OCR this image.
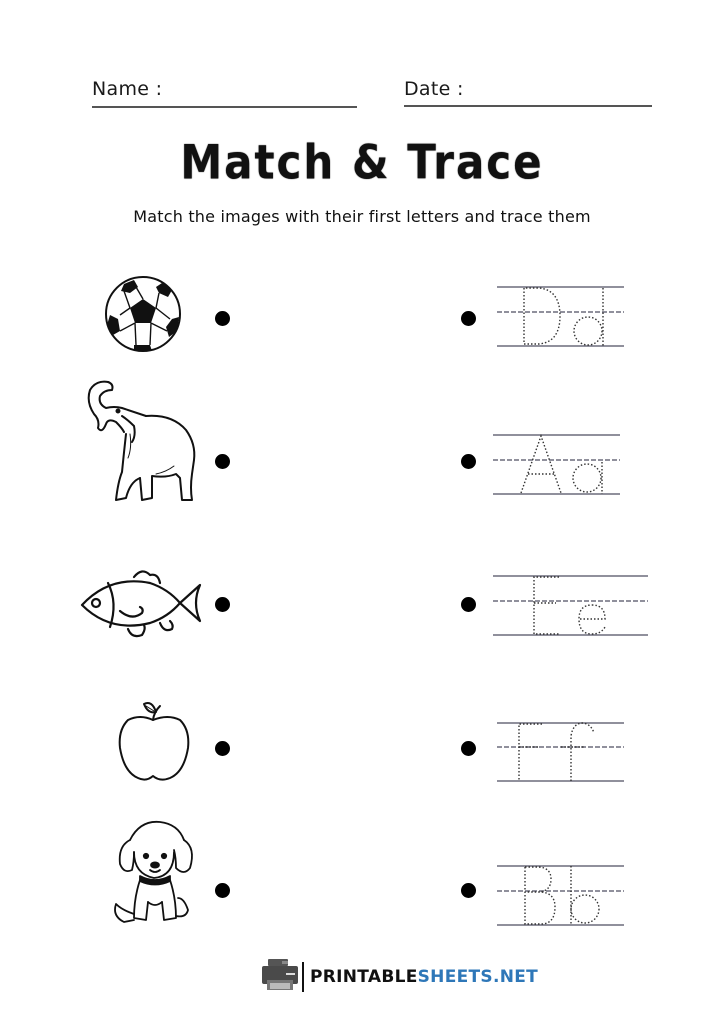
Name :	Date :
Match & Trace
Match the images with their first letters and trace them
PRINTABLESHEETS.NET
